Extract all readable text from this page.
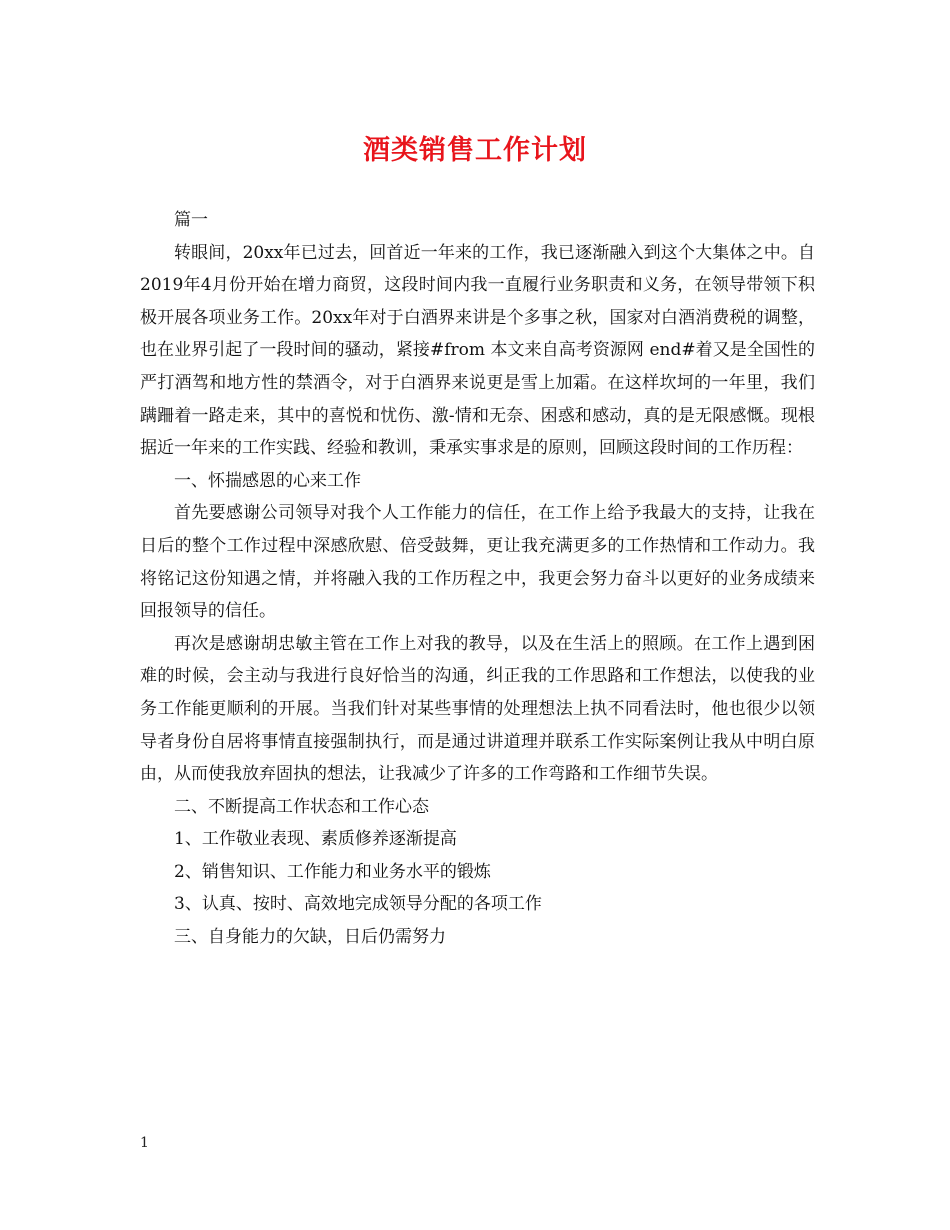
酒类销售工作计划

篇一

转眼间，20xx年已过去，回首近一年来的工作，我已逐渐融入到这个大集体之中。自2019年4月份开始在增力商贸，这段时间内我一直履行业务职责和义务，在领导带领下积极开展各项业务工作。20xx年对于白酒界来讲是个多事之秋，国家对白酒消费税的调整，也在业界引起了一段时间的骚动，紧接#from 本文来自高考资源网 end#着又是全国性的严打酒驾和地方性的禁酒令，对于白酒界来说更是雪上加霜。在这样坎坷的一年里，我们蹒跚着一路走来，其中的喜悦和忧伤、激-情和无奈、困惑和感动，真的是无限感慨。现根据近一年来的工作实践、经验和教训，秉承实事求是的原则，回顾这段时间的工作历程：

一、怀揣感恩的心来工作

首先要感谢公司领导对我个人工作能力的信任，在工作上给予我最大的支持，让我在日后的整个工作过程中深感欣慰、倍受鼓舞，更让我充满更多的工作热情和工作动力。我将铭记这份知遇之情，并将融入我的工作历程之中，我更会努力奋斗以更好的业务成绩来回报领导的信任。

再次是感谢胡忠敏主管在工作上对我的教导，以及在生活上的照顾。在工作上遇到困难的时候，会主动与我进行良好恰当的沟通，纠正我的工作思路和工作想法，以使我的业务工作能更顺利的开展。当我们针对某些事情的处理想法上执不同看法时，他也很少以领导者身份自居将事情直接强制执行，而是通过讲道理并联系工作实际案例让我从中明白原由，从而使我放弃固执的想法，让我减少了许多的工作弯路和工作细节失误。

二、不断提高工作状态和工作心态

1、工作敬业表现、素质修养逐渐提高

2、销售知识、工作能力和业务水平的锻炼

3、认真、按时、高效地完成领导分配的各项工作

三、自身能力的欠缺，日后仍需努力

1
